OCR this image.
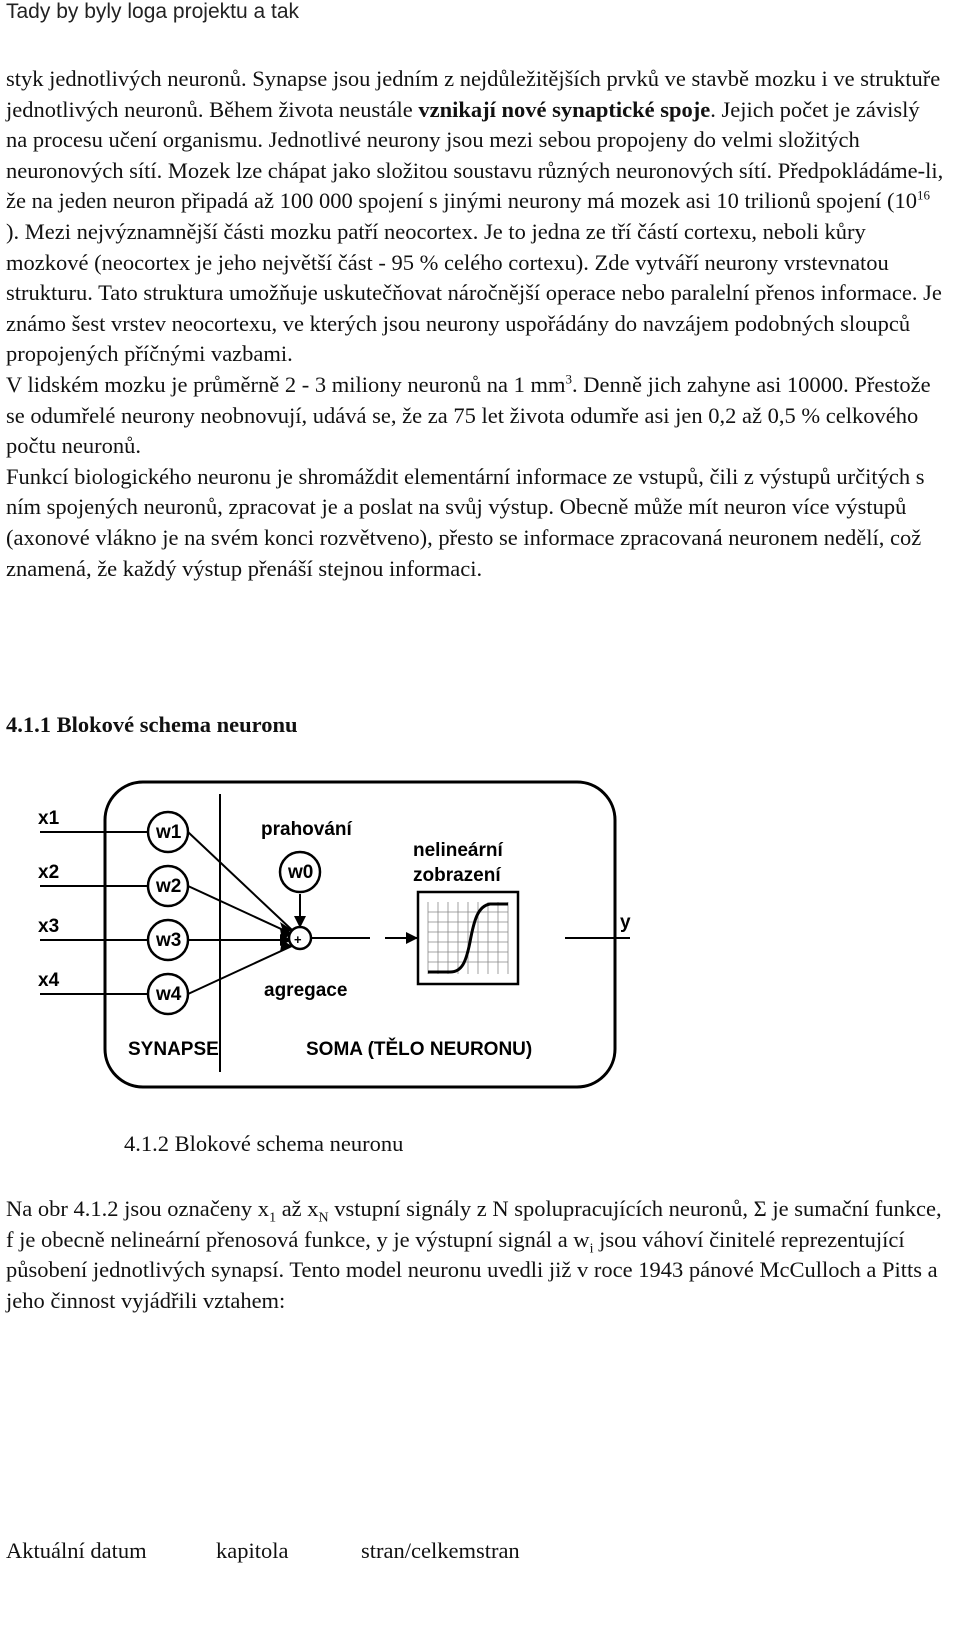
Tady by byly loga projektu a tak

styk jednotlivých neuronů. Synapse jsou jedním z nejdůležitějších prvků ve stavbě mozku i ve struktuře jednotlivých neuronů. Během života neustále vznikají nové synaptické spoje. Jejich počet je závislý na procesu učení organismu. Jednotlivé neurony jsou mezi sebou propojeny do velmi složitých neuronových sítí. Mozek lze chápat jako složitou soustavu různých neuronových sítí. Předpokládáme-li, že na jeden neuron připadá až 100 000 spojení s jinými neurony má mozek asi 10 trilionů spojení ($10^{16}$ ). Mezi nejvýznamnější části mozku patří neocortex. Je to jedna ze tří částí cortexu, neboli kůry mozkové (neocortex je jeho největší část - 95 % celého cortexu). Zde vytváří neurony vrstevnatou strukturu. Tato struktura umožňuje uskutečňovat náročnější operace nebo paralelní přenos informace. Je známo šest vrstev neocortexu, ve kterých jsou neurony uspořádány do navzájem podobných sloupců propojených příčnými vazbami.

V lidském mozku je průměrně 2 - 3 miliony neuronů na 1 $mm^3$. Denně jich zahyne asi 10000. Přestože se odumřelé neurony neobnovují, udává se, že za 75 let života odumře asi jen 0,2 až 0,5 % celkového počtu neuronů.

Funkcí biologického neuronu je shromáždit elementární informace ze vstupů, čili z výstupů určitých s ním spojených neuronů, zpracovat je a poslat na svůj výstup. Obecně může mít neuron více výstupů (axonové vlákno je na svém konci rozvětveno), přesto se informace zpracovaná neuronem nedělí, což znamená, že každý výstup přenáší stejnou informaci.

4.1.1 Blokové schema neuronu
x1
x2
x3
x4
w1
w2
w3
w4
w0
prahování
nelineární
zobrazení
agregace
y
SYNAPSE	SOMA (TĚLO NEURONU)
+
4.1.2 Blokové schema neuronu

Na obr 4.1.2 jsou označeny $x_1$ až $x_N$ vstupní signály z N spolupracujících neuronů, Σ je sumační funkce, f je obecně nelineární přenosová funkce, y je výstupní signál a $w_i$ jsou váhoví činitelé reprezentující působení jednotlivých synapsí. Tento model neuronu uvedli již v roce 1943 pánové McCulloch a Pitts a jeho činnost vyjádřili vztahem:

Aktuální datum	kapitola	stran/celkemstran
